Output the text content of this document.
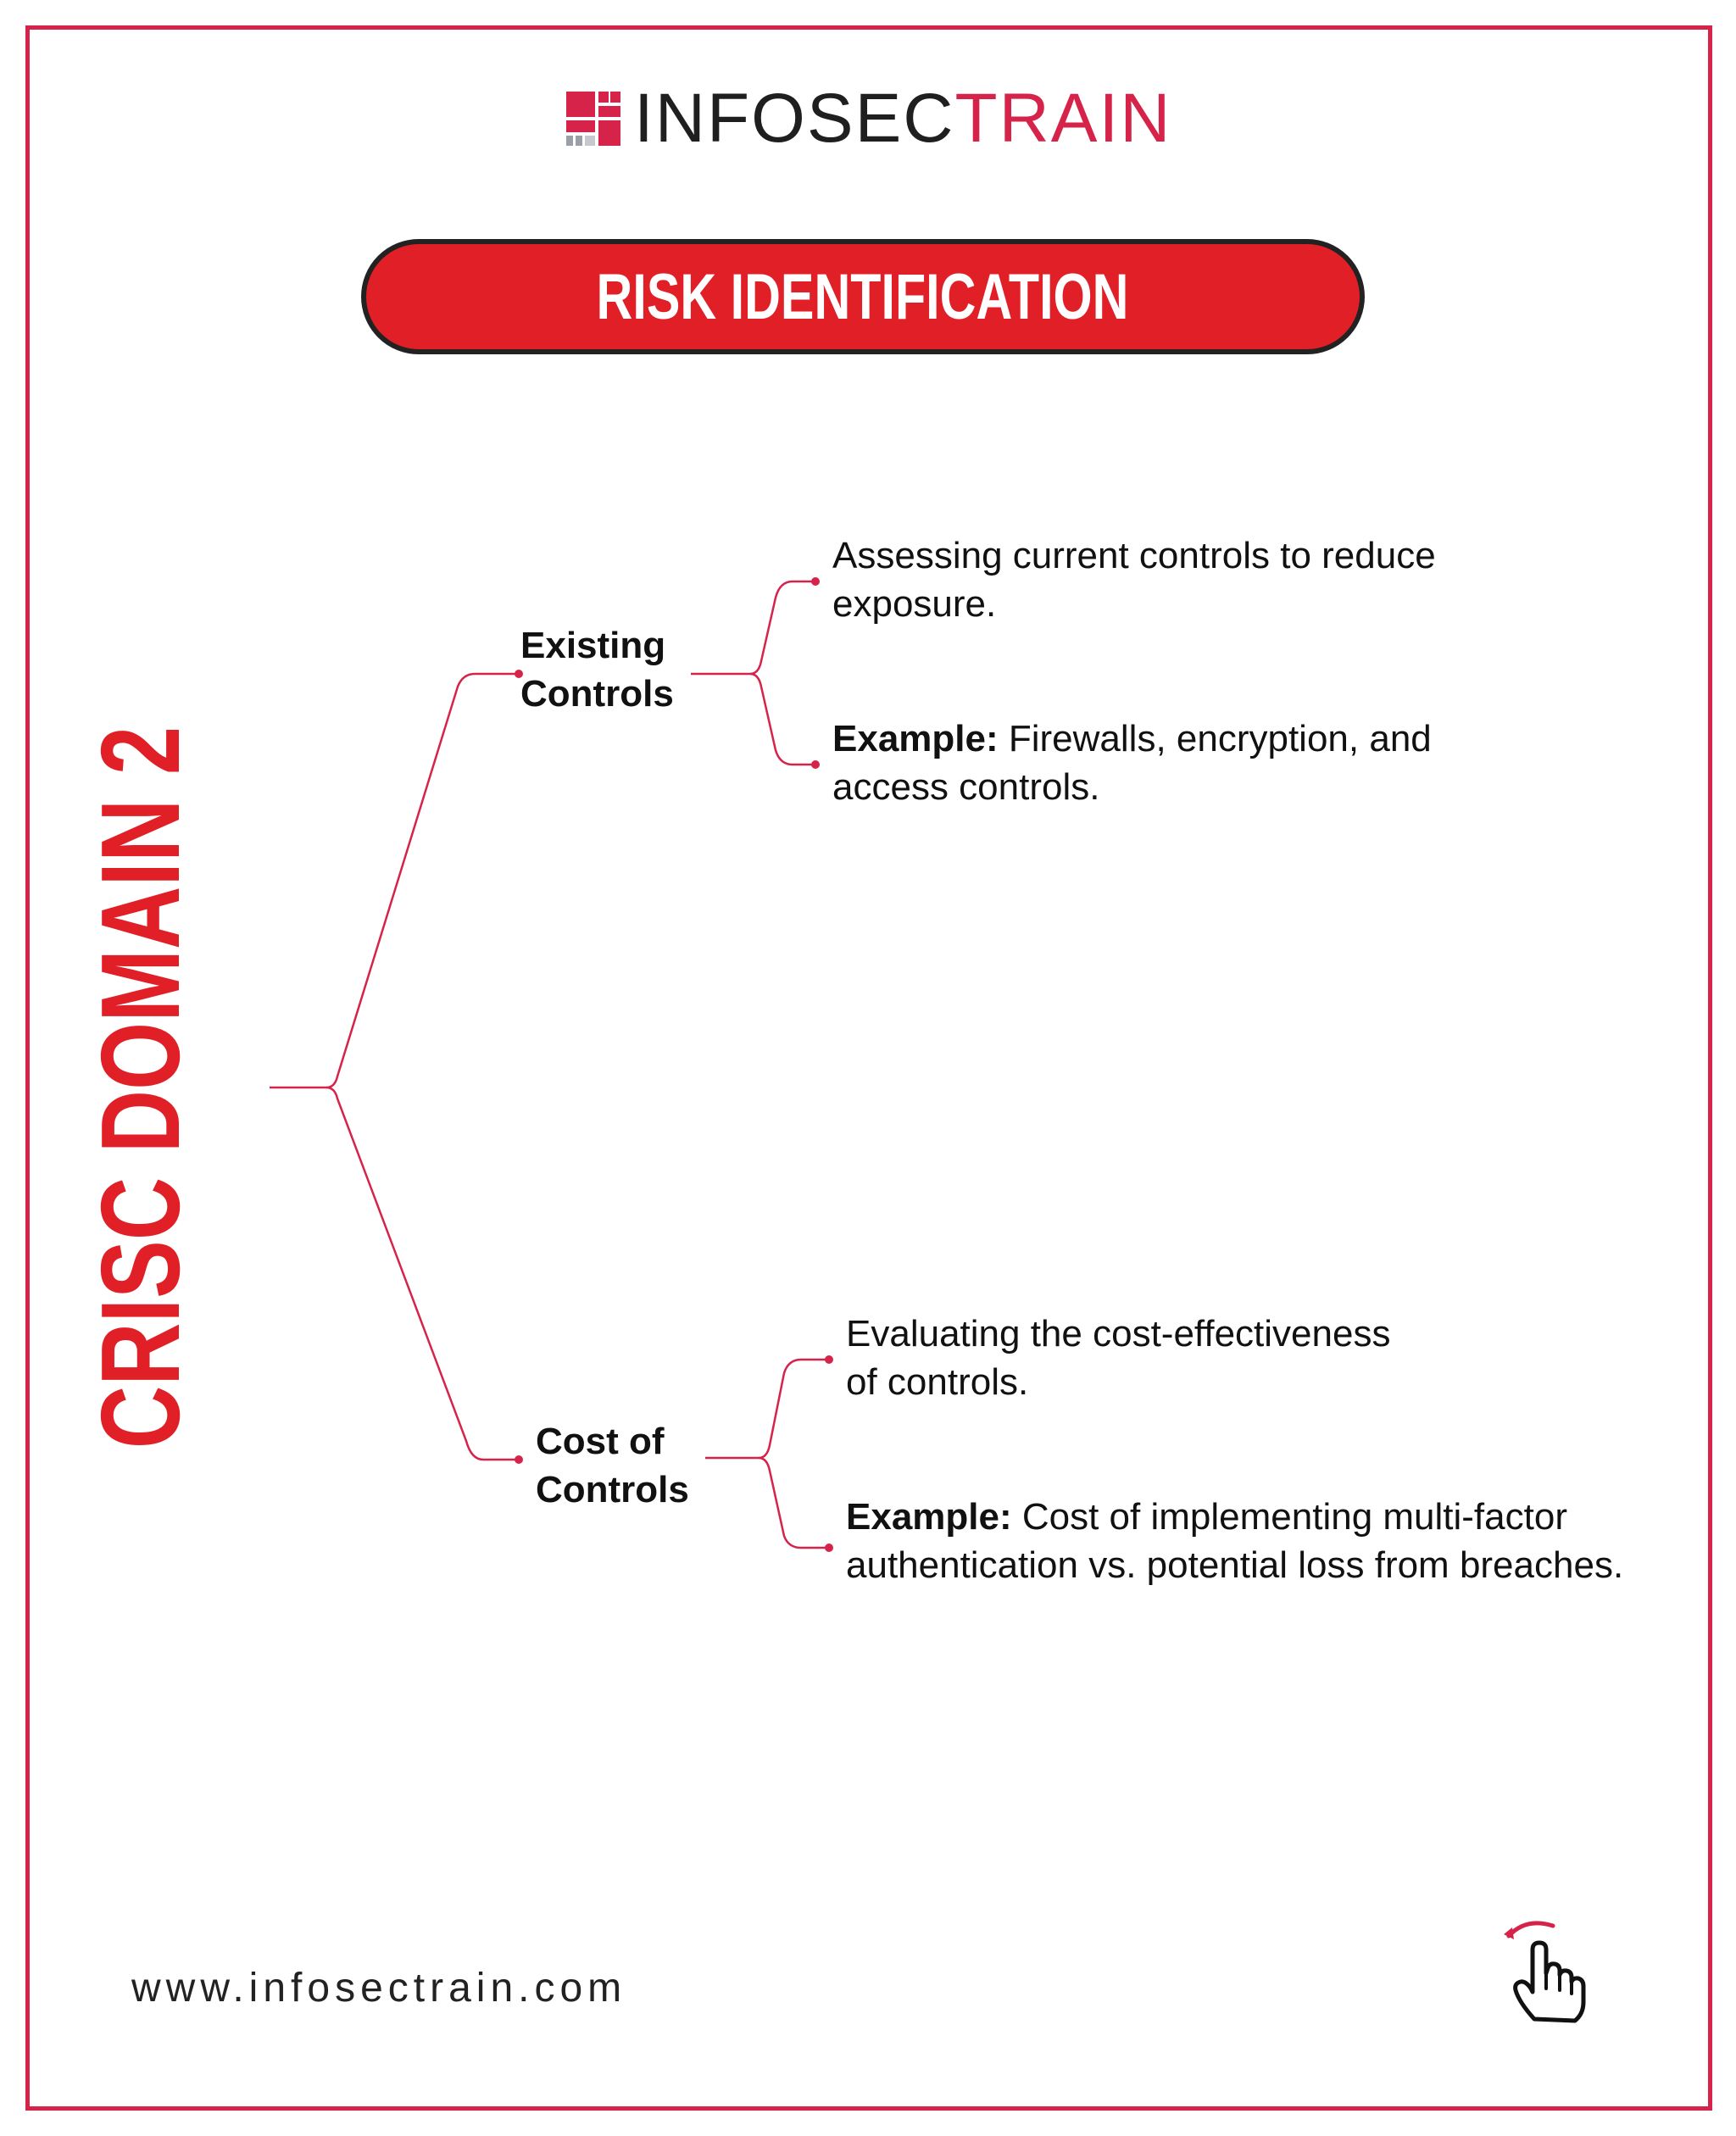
INFOSEC TRAIN
RISK IDENTIFICATION
CRISC DOMAIN 2
Existing
Controls
Assessing current controls to reduce
exposure.
Example: Firewalls, encryption, and
access controls.
Cost of
Controls
Evaluating the cost-effectiveness
of controls.
Example: Cost of implementing multi-factor
authentication vs. potential loss from breaches.
www.infosectrain.com
